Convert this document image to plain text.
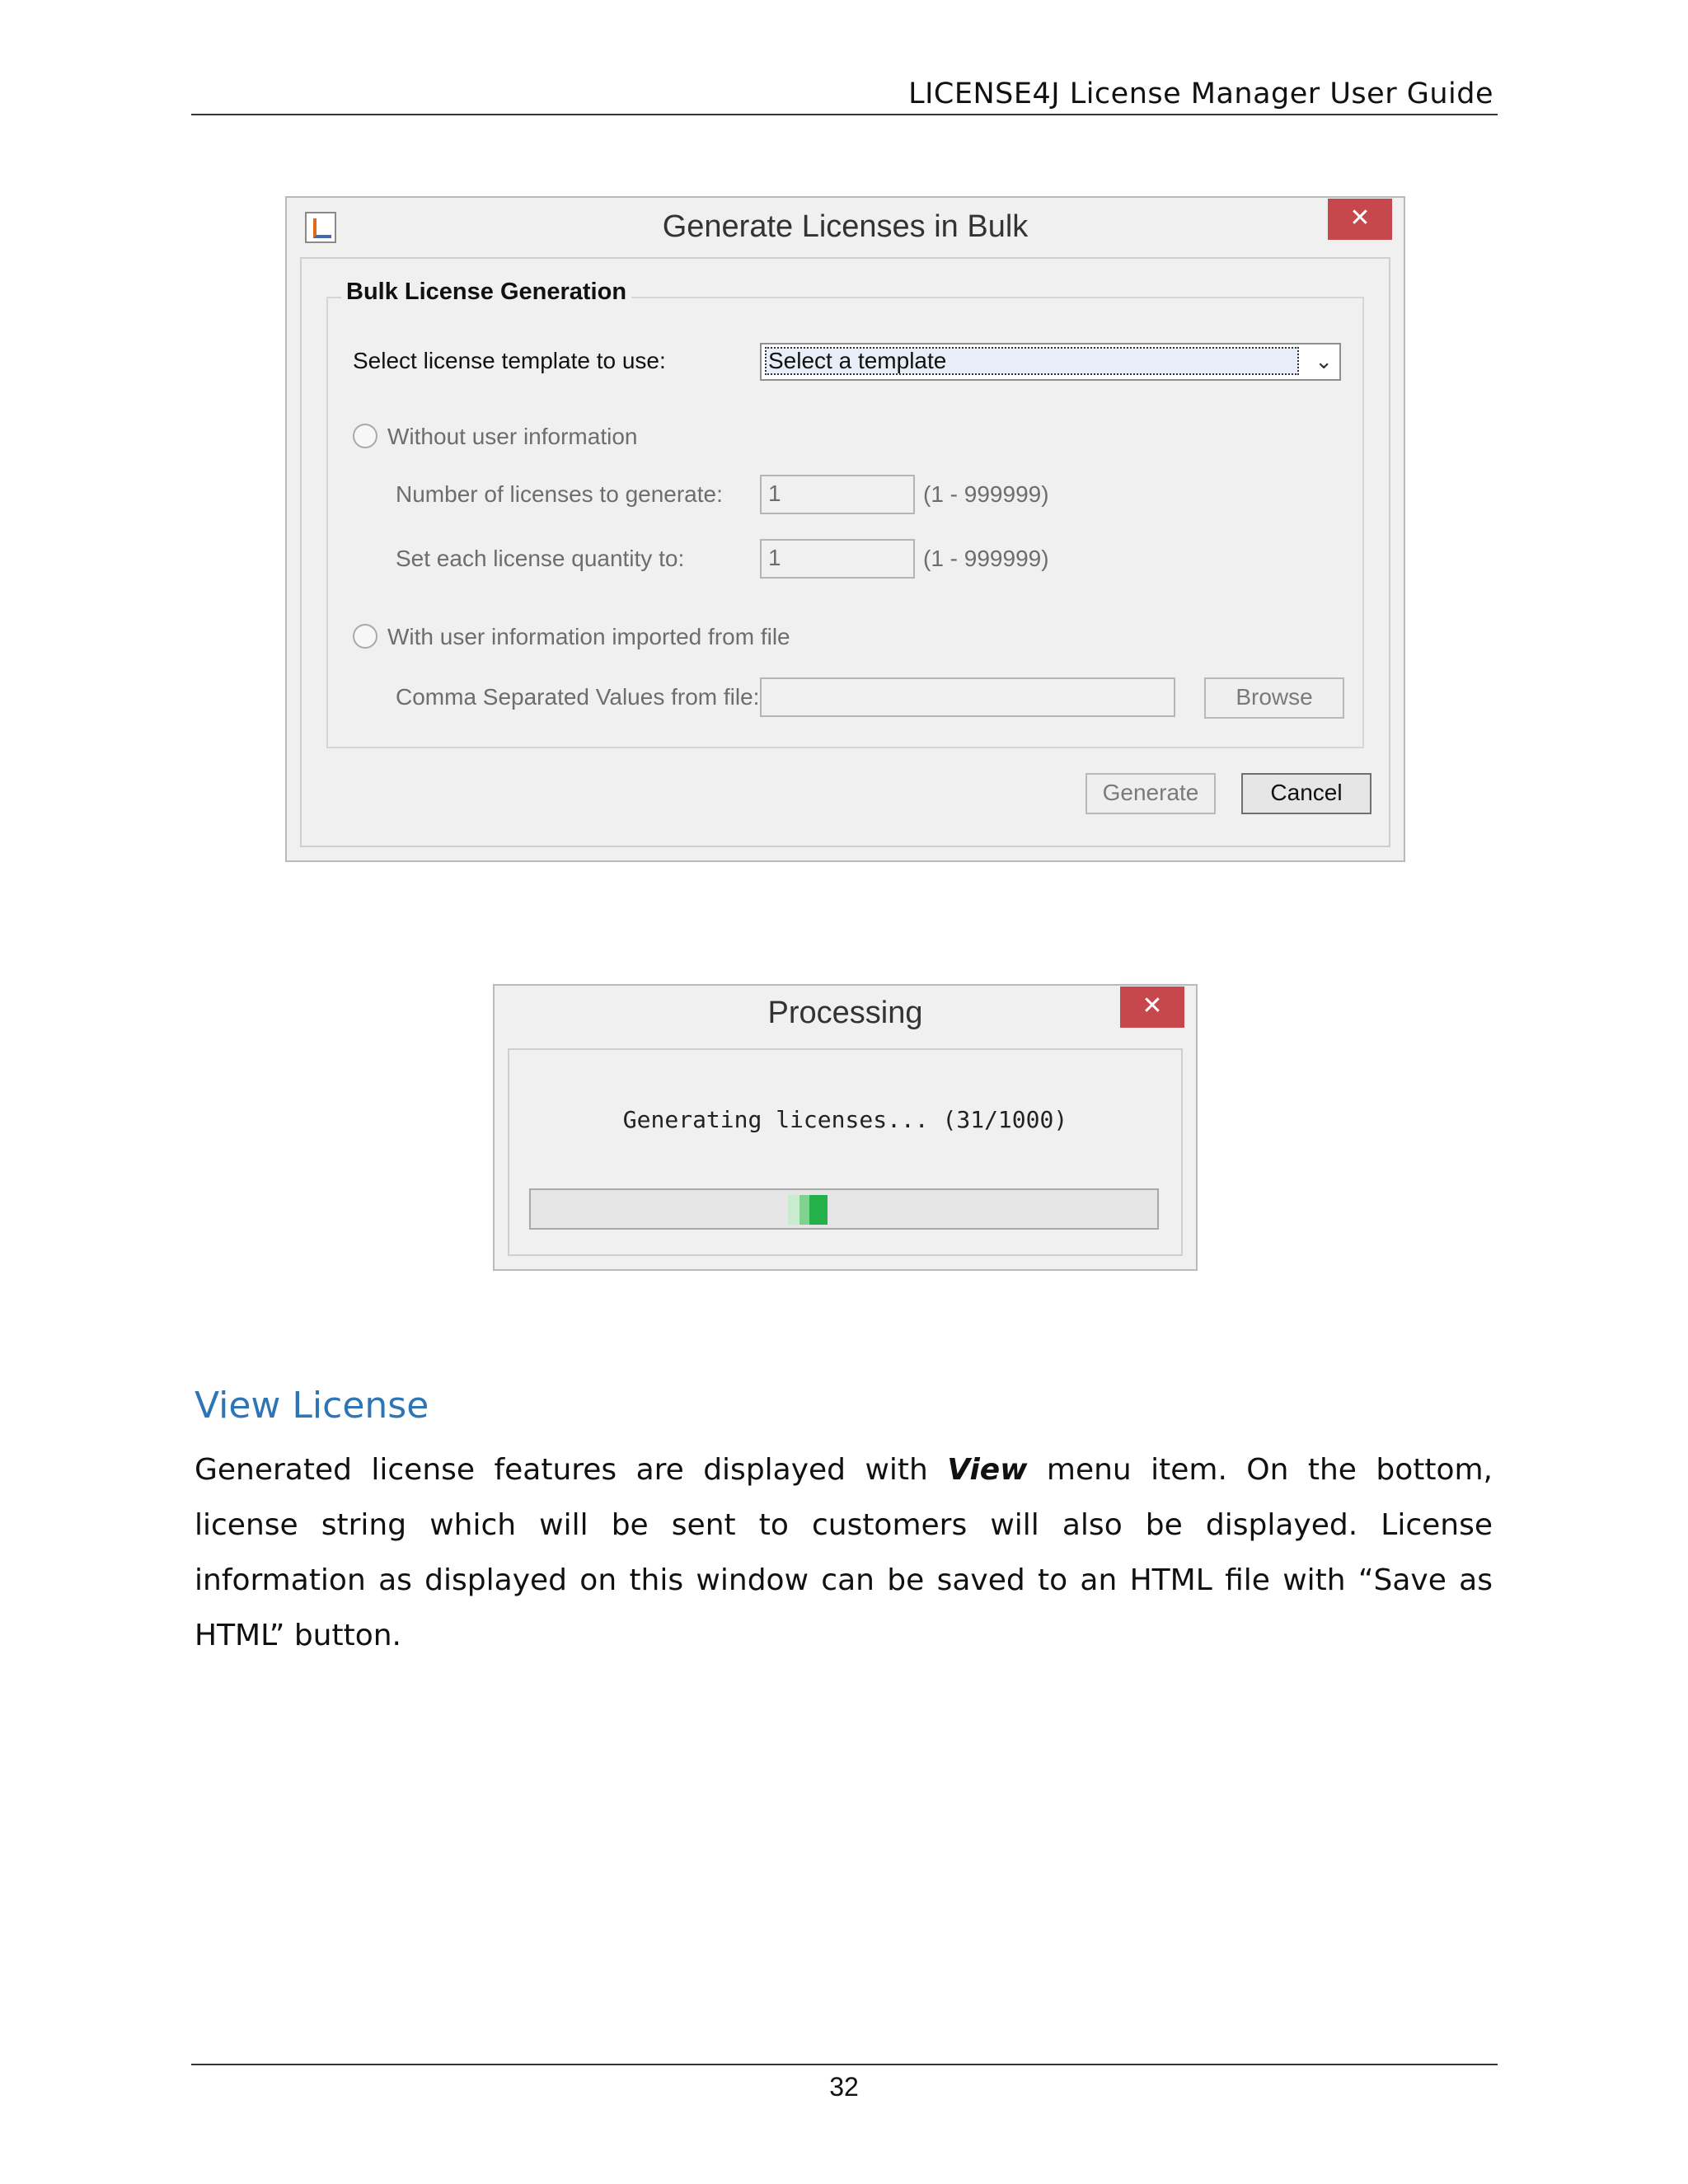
LICENSE4J License Manager User Guide
Generate Licenses in Bulk	✕
Bulk License Generation
Select license template to use:	Select a template	⌄
Without user information
Number of licenses to generate:	1	(1 - 999999)
Set each license quantity to:	1	(1 - 999999)
With user information imported from file
Comma Separated Values from file:	Browse
Generate	Cancel
Processing	✕
Generating licenses... (31/1000)
View License
Generated license features are displayed with View menu item. On the bottom, license string which will be sent to customers will also be displayed. License information as displayed on this window can be saved to an HTML file with “Save as HTML” button.
32
